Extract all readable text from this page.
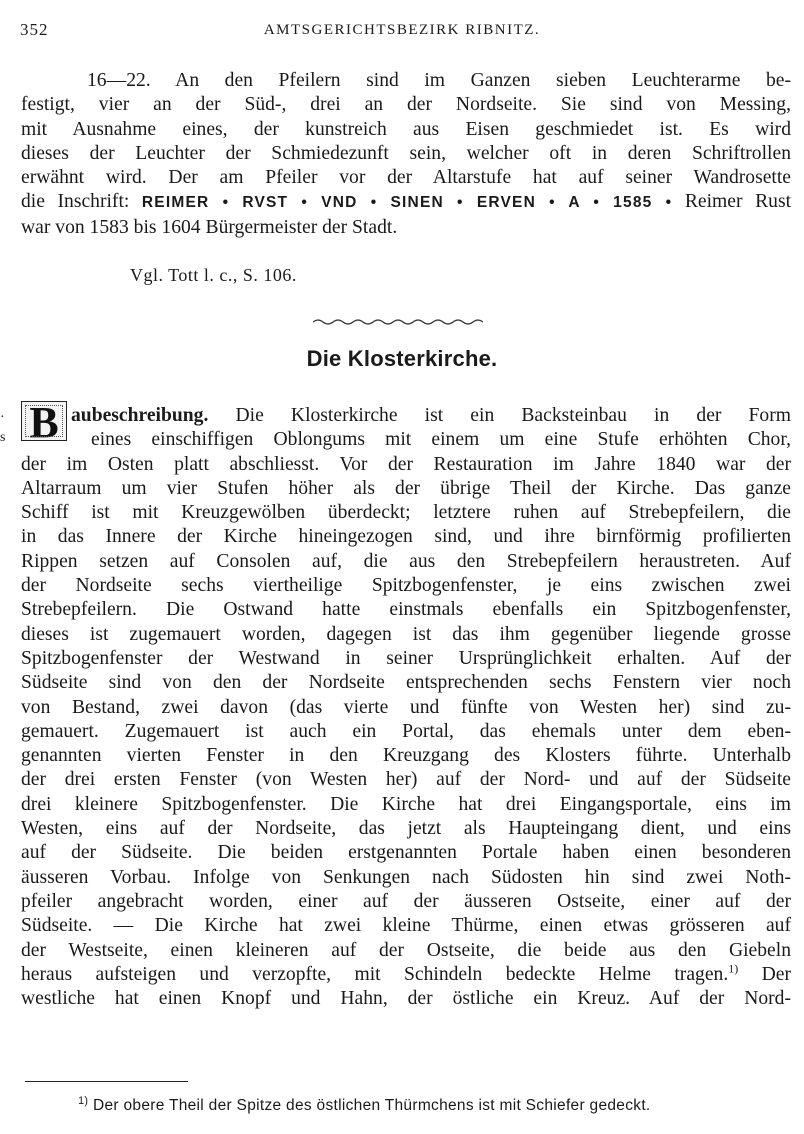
352	AMTSGERICHTSBEZIRK RIBNITZ.
16—22. An den Pfeilern sind im Ganzen sieben Leuchterarme be-
festigt, vier an der Süd-, drei an der Nordseite. Sie sind von Messing,
mit Ausnahme eines, der kunstreich aus Eisen geschmiedet ist. Es wird
dieses der Leuchter der Schmiedezunft sein, welcher oft in deren Schriftrollen
erwähnt wird. Der am Pfeiler vor der Altarstufe hat auf seiner Wandrosette
die Inschrift: REIMER • RVST • VND • SINEN • ERVEN • A • 1585 • Reimer Rust
war von 1583 bis 1604 Bürgermeister der Stadt.
Vgl. Tott l. c., S. 106.
Die Klosterkirche.
·
s B aubeschreibung. Die Klosterkirche ist ein Backsteinbau in der Form
eines einschiffigen Oblongums mit einem um eine Stufe erhöhten Chor,
der im Osten platt abschliesst. Vor der Restauration im Jahre 1840 war der
Altarraum um vier Stufen höher als der übrige Theil der Kirche. Das ganze
Schiff ist mit Kreuzgewölben überdeckt; letztere ruhen auf Strebepfeilern, die
in das Innere der Kirche hineingezogen sind, und ihre birnförmig profilierten
Rippen setzen auf Consolen auf, die aus den Strebepfeilern heraustreten. Auf
der Nordseite sechs viertheilige Spitzbogenfenster, je eins zwischen zwei
Strebepfeilern. Die Ostwand hatte einstmals ebenfalls ein Spitzbogenfenster,
dieses ist zugemauert worden, dagegen ist das ihm gegenüber liegende grosse
Spitzbogenfenster der Westwand in seiner Ursprünglichkeit erhalten. Auf der
Südseite sind von den der Nordseite entsprechenden sechs Fenstern vier noch
von Bestand, zwei davon (das vierte und fünfte von Westen her) sind zu-
gemauert. Zugemauert ist auch ein Portal, das ehemals unter dem eben-
genannten vierten Fenster in den Kreuzgang des Klosters führte. Unterhalb
der drei ersten Fenster (von Westen her) auf der Nord- und auf der Südseite
drei kleinere Spitzbogenfenster. Die Kirche hat drei Eingangsportale, eins im
Westen, eins auf der Nordseite, das jetzt als Haupteingang dient, und eins
auf der Südseite. Die beiden erstgenannten Portale haben einen besonderen
äusseren Vorbau. Infolge von Senkungen nach Südosten hin sind zwei Noth-
pfeiler angebracht worden, einer auf der äusseren Ostseite, einer auf der
Südseite. — Die Kirche hat zwei kleine Thürme, einen etwas grösseren auf
der Westseite, einen kleineren auf der Ostseite, die beide aus den Giebeln
heraus aufsteigen und verzopfte, mit Schindeln bedeckte Helme tragen.$^{1)}$ Der
westliche hat einen Knopf und Hahn, der östliche ein Kreuz. Auf der Nord-
$^{1)}$ Der obere Theil der Spitze des östlichen Thürmchens ist mit Schiefer gedeckt.
